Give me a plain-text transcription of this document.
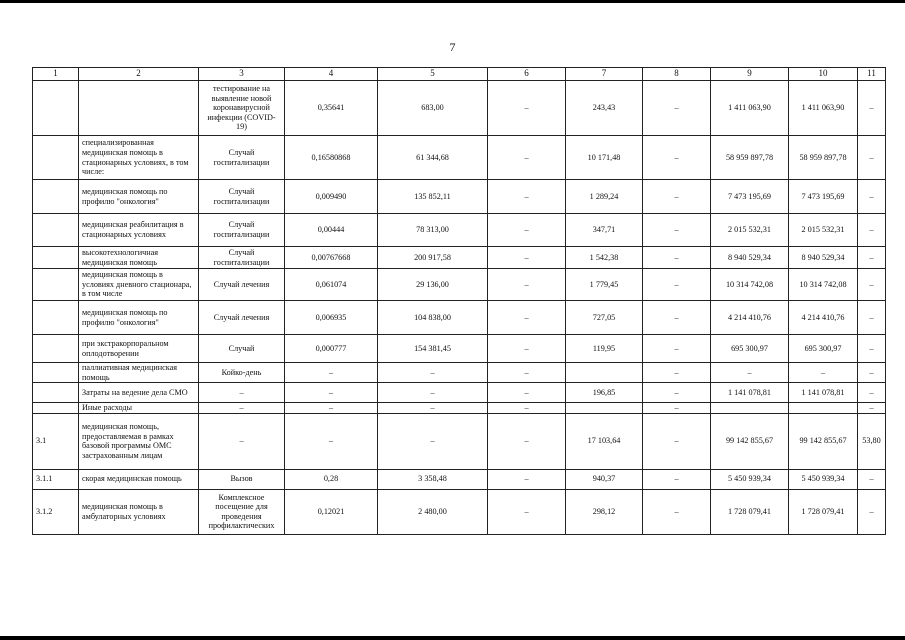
7
1	2	3	4	5	6	7	8	9	10	11
		тестирование на выявление новой коронавирусной инфекции (COVID-19)	0,35641	683,00	–	243,43	–	1 411 063,90	1 411 063,90	–
	специализированная медицинская помощь в стационарных условиях, в том числе:	Случай госпитализации	0,16580868	61 344,68	–	10 171,48	–	58 959 897,78	58 959 897,78	–
	медицинская помощь по профилю "онкология"	Случай госпитализации	0,009490	135 852,11	–	1 289,24	–	7 473 195,69	7 473 195,69	–
	медицинская реабилитация в стационарных условиях	Случай госпитализации	0,00444	78 313,00	–	347,71	–	2 015 532,31	2 015 532,31	–
	высокотехнологичная медицинская помощь	Случай госпитализации	0,00767668	200 917,58	–	1 542,38	–	8 940 529,34	8 940 529,34	–
	медицинская помощь в условиях дневного стационара, в том числе	Случай лечения	0,061074	29 136,00	–	1 779,45	–	10 314 742,08	10 314 742,08	–
	медицинская помощь по профилю "онкология"	Случай лечения	0,006935	104 838,00	–	727,05	–	4 214 410,76	4 214 410,76	–
	при экстракорпоральном оплодотворении	Случай	0,000777	154 381,45	–	119,95	–	695 300,97	695 300,97	–
	паллиативная медицинская помощь	Койко-день	–	–	–		–	–	–	–
	Затраты на ведение дела СМО	–	–	–	–	196,85	–	1 141 078,81	1 141 078,81	–
	Иные расходы	–	–	–	–		–			–
3.1	медицинская помощь, предоставляемая в рамках базовой программы ОМС застрахованным лицам	–	–	–	–	17 103,64	–	99 142 855,67	99 142 855,67	53,80
3.1.1	скорая медицинская помощь	Вызов	0,28	3 358,48	–	940,37	–	5 450 939,34	5 450 939,34	–
3.1.2	медицинская помощь в амбулаторных условиях	Комплексное посещение для проведения профилактических	0,12021	2 480,00	–	298,12	–	1 728 079,41	1 728 079,41	–
